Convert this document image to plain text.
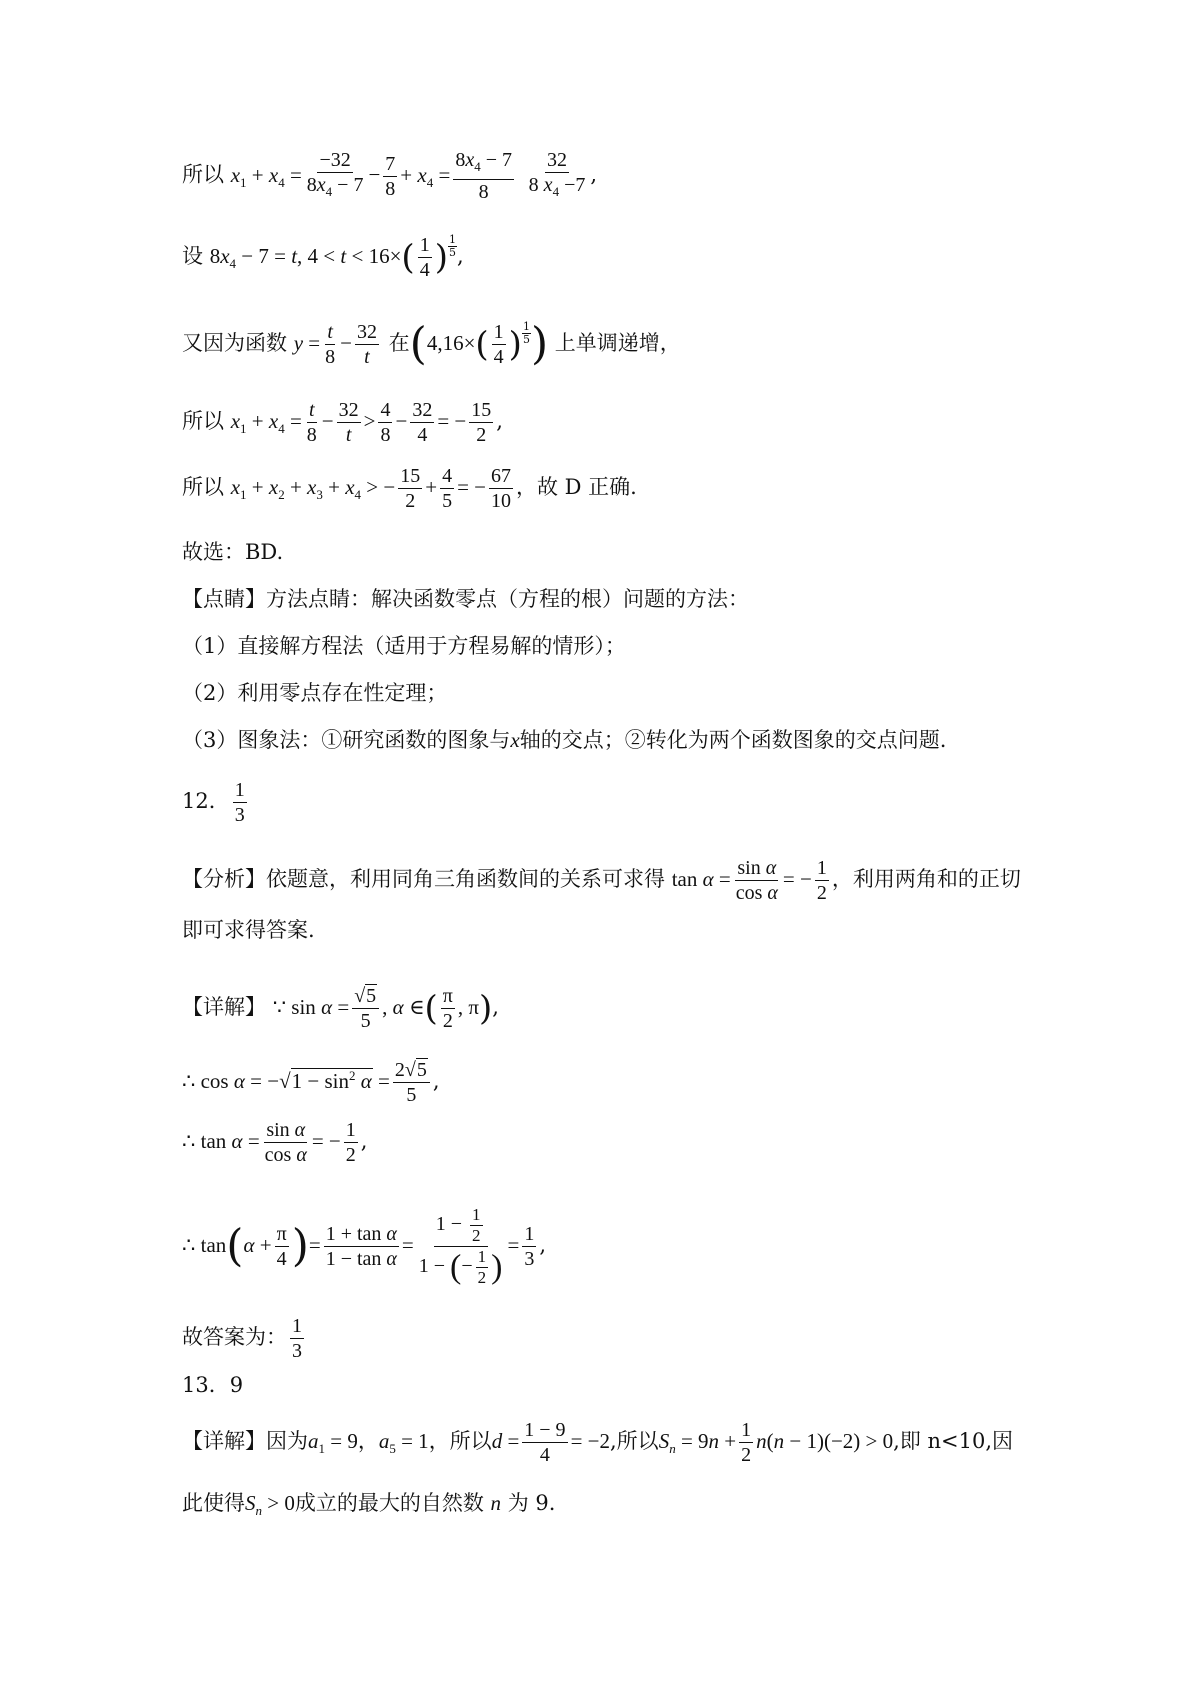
所以 $x_1 + x_4 = \frac{-32}{8x_4 - 7} - \frac{7}{8} + x_4 = \frac{8x_4 - 7}{8}$
$\frac{32}{8 x_4 -7}$ ,
设 $8x_4 - 7 = t$, $4 < t < 16\times( \frac{1}{4}$ ) $\frac{1}{5}$ ,
又因为函数 $y = \frac{t}{8} - \frac{32}{t}$ 在($4,16\times( \frac{1}{4}$ ) $\frac{1}{5}$ ) 上单调递增，
所以 $x_1 + x_4 = \frac{t}{8} - \frac{32}{t} > \frac{4}{8} - \frac{32}{4}$ = − $\frac{15}{2}$ ,
所以 $x_1 + x_2 + x_3 + x_4$ > − $\frac{15}{2} + \frac{4}{5}$ = − $\frac{67}{10}$ ，故 D 正确.
故选：BD.
【点睛】方法点睛：解决函数零点（方程的根）问题的方法：
（1）直接解方程法（适用于方程易解的情形）；
（2）利用零点存在性定理；
（3）图象法：①研究函数的图象与x轴的交点；②转化为两个函数图象的交点问题.
12． $\frac{1}{3}$
【分析】依题意，利用同角三角函数间的关系可求得 $\tan \alpha = \frac{\text{sin α}}{\text{cos α}}$ = − $\frac{1}{2}$ ，利用两角和的正切
即可求得答案.
【详解】 ∵ $\sin \alpha = \frac{√5}{5}$ , α ∈( $\frac{\pi}{2}$ , π),
∴ $\cos \alpha = -√1 - \sin^2 \alpha = \frac{2√5}{5}$ ,
∴ $\tan \alpha = \frac{\text{sin α}}{\text{cos α}}$ = − $\frac{1}{2}$ ,
∴ $\tan(\alpha + \frac{\pi}{4}$ )= $\frac{\text{1 + tan α}}{\text{1 − tan α}} = \frac{1 - \frac{1}{2}}{1 - (- \frac{1}{2} )} = \frac{1}{3}$ ,
故答案为： $\frac{1}{3}$
13．9
【详解】因为$a_1 = 9$，$a_5 = 1$，所以$d = \frac{1 - 9}{4} = -2$,所以$S_n = 9n + \frac{1}{2} n(n - 1)(-2) > 0$,即 n<10,因
此使得$S_n > 0$成立的最大的自然数 n 为 9.
